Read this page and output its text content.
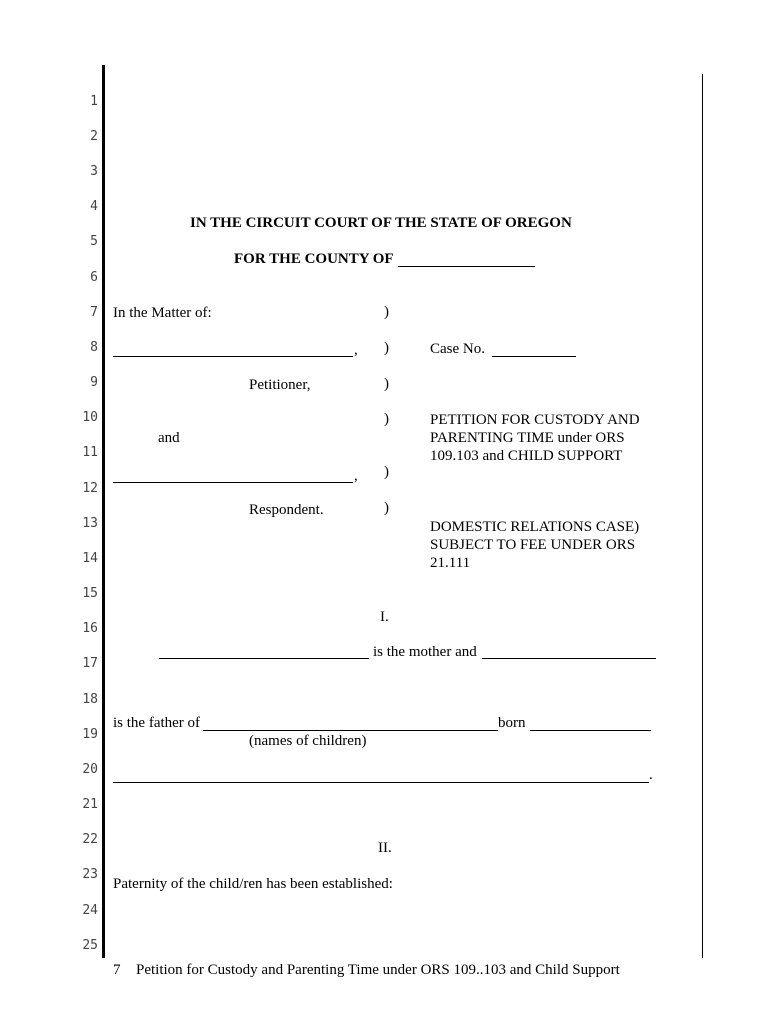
1
2
3
4
5
6
7
8
9
10
11
12
13
14
15
16
17
18
19
20
21
22
23
24
25
IN THE CIRCUIT COURT OF THE STATE OF OREGON
FOR THE COUNTY OF
In the Matter of:
,
Petitioner,
and
,
Respondent.
)
)
)
)
)
)
Case No.
PETITION FOR CUSTODY AND
PARENTING TIME under ORS
109.103 and CHILD SUPPORT
DOMESTIC RELATIONS CASE)
SUBJECT TO FEE UNDER ORS
21.111
I.
is the mother and
is the father of	born
(names of children)
.
II.
Paternity of the child/ren has been established:
7 Petition for Custody and Parenting Time under ORS 109..103 and Child Support
